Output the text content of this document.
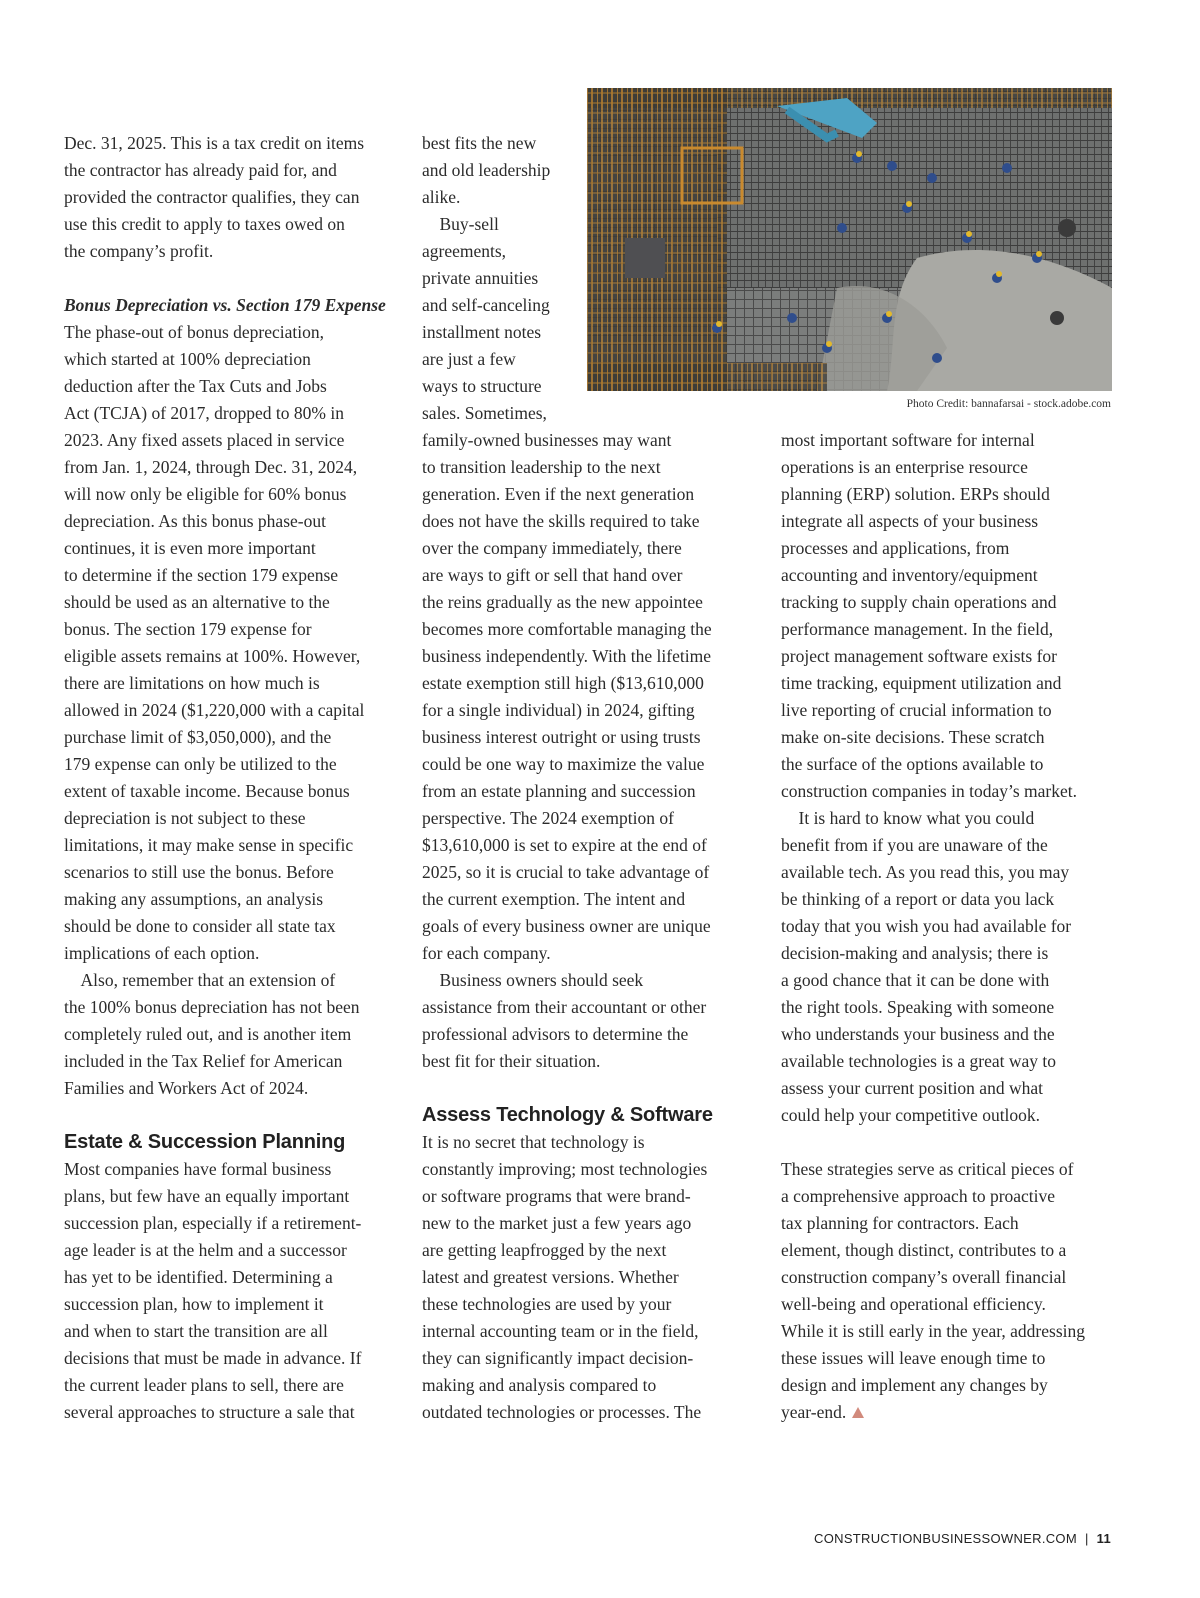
Dec. 31, 2025. This is a tax credit on items
the contractor has already paid for, and
provided the contractor qualifies, they can
use this credit to apply to taxes owed on
the company’s profit.
Bonus Depreciation vs. Section 179 Expense
The phase-out of bonus depreciation,
which started at 100% depreciation
deduction after the Tax Cuts and Jobs
Act (TCJA) of 2017, dropped to 80% in
2023. Any fixed assets placed in service
from Jan. 1, 2024, through Dec. 31, 2024,
will now only be eligible for 60% bonus
depreciation. As this bonus phase-out
continues, it is even more important
to determine if the section 179 expense
should be used as an alternative to the
bonus. The section 179 expense for
eligible assets remains at 100%. However,
there are limitations on how much is
allowed in 2024 ($1,220,000 with a capital
purchase limit of $3,050,000), and the
179 expense can only be utilized to the
extent of taxable income. Because bonus
depreciation is not subject to these
limitations, it may make sense in specific
scenarios to still use the bonus. Before
making any assumptions, an analysis
should be done to consider all state tax
implications of each option.
Also, remember that an extension of
the 100% bonus depreciation has not been
completely ruled out, and is another item
included in the Tax Relief for American
Families and Workers Act of 2024.
Estate & Succession Planning
Most companies have formal business
plans, but few have an equally important
succession plan, especially if a retirement-
age leader is at the helm and a successor
has yet to be identified. Determining a
succession plan, how to implement it
and when to start the transition are all
decisions that must be made in advance. If
the current leader plans to sell, there are
several approaches to structure a sale that
best fits the new
and old leadership
alike.
Buy-sell
agreements,
private annuities
and self-canceling
installment notes
are just a few
ways to structure
sales. Sometimes,
family-owned businesses may want
to transition leadership to the next
generation. Even if the next generation
does not have the skills required to take
over the company immediately, there
are ways to gift or sell that hand over
the reins gradually as the new appointee
becomes more comfortable managing the
business independently. With the lifetime
estate exemption still high ($13,610,000
for a single individual) in 2024, gifting
business interest outright or using trusts
could be one way to maximize the value
from an estate planning and succession
perspective. The 2024 exemption of
$13,610,000 is set to expire at the end of
2025, so it is crucial to take advantage of
the current exemption. The intent and
goals of every business owner are unique
for each company.
Business owners should seek
assistance from their accountant or other
professional advisors to determine the
best fit for their situation.
Assess Technology & Software
It is no secret that technology is
constantly improving; most technologies
or software programs that were brand-
new to the market just a few years ago
are getting leapfrogged by the next
latest and greatest versions. Whether
these technologies are used by your
internal accounting team or in the field,
they can significantly impact decision-
making and analysis compared to
outdated technologies or processes. The
most important software for internal
operations is an enterprise resource
planning (ERP) solution. ERPs should
integrate all aspects of your business
processes and applications, from
accounting and inventory/equipment
tracking to supply chain operations and
performance management. In the field,
project management software exists for
time tracking, equipment utilization and
live reporting of crucial information to
make on-site decisions. These scratch
the surface of the options available to
construction companies in today’s market.
It is hard to know what you could
benefit from if you are unaware of the
available tech. As you read this, you may
be thinking of a report or data you lack
today that you wish you had available for
decision-making and analysis; there is
a good chance that it can be done with
the right tools. Speaking with someone
who understands your business and the
available technologies is a great way to
assess your current position and what
could help your competitive outlook.
These strategies serve as critical pieces of
a comprehensive approach to proactive
tax planning for contractors. Each
element, though distinct, contributes to a
construction company’s overall financial
well-being and operational efficiency.
While it is still early in the year, addressing
these issues will leave enough time to
design and implement any changes by
year-end.
Photo Credit: bannafarsai - stock.adobe.com
CONSTRUCTIONBUSINESSOWNER.COM | 11
